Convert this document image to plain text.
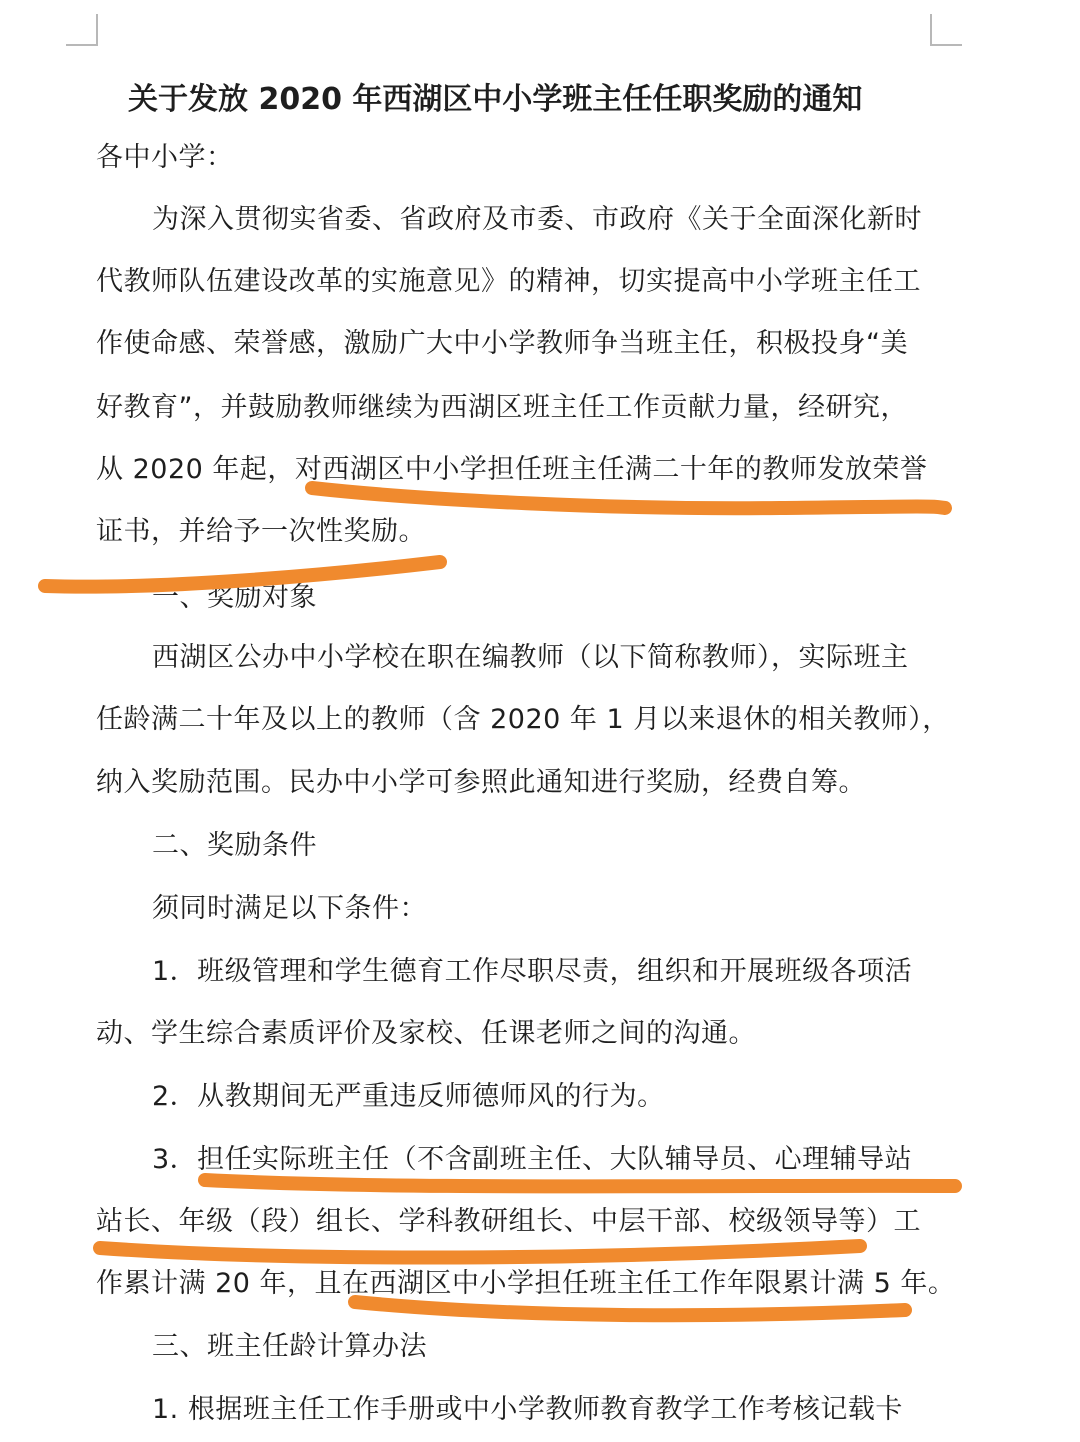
关于发放 2020 年西湖区中小学班主任任职奖励的通知
各中小学：
为深入贯彻实省委、省政府及市委、市政府《关于全面深化新时
代教师队伍建设改革的实施意见》的精神，切实提高中小学班主任工
作使命感、荣誉感，激励广大中小学教师争当班主任，积极投身“美
好教育”，并鼓励教师继续为西湖区班主任工作贡献力量，经研究，
从 2020 年起，对西湖区中小学担任班主任满二十年的教师发放荣誉
证书，并给予一次性奖励。
一、奖励对象
西湖区公办中小学校在职在编教师（以下简称教师），实际班主
任龄满二十年及以上的教师（含 2020 年 1 月以来退休的相关教师），
纳入奖励范围。民办中小学可参照此通知进行奖励，经费自筹。
二、奖励条件
须同时满足以下条件：
1．班级管理和学生德育工作尽职尽责，组织和开展班级各项活
动、学生综合素质评价及家校、任课老师之间的沟通。
2．从教期间无严重违反师德师风的行为。
3．担任实际班主任（不含副班主任、大队辅导员、心理辅导站
站长、年级（段）组长、学科教研组长、中层干部、校级领导等）工
作累计满 20 年，且在西湖区中小学担任班主任工作年限累计满 5 年。
三、班主任龄计算办法
1. 根据班主任工作手册或中小学教师教育教学工作考核记载卡
